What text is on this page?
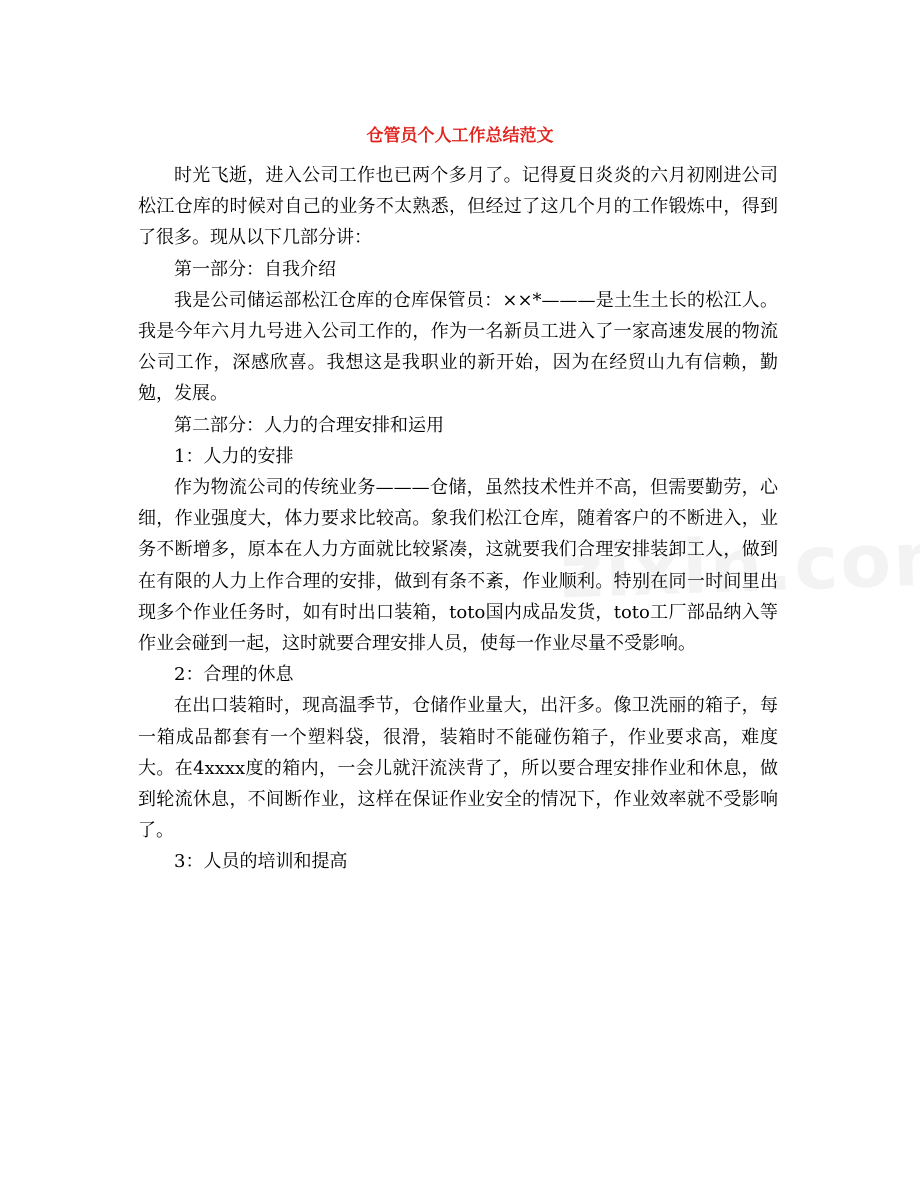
仓管员个人工作总结范文

时光飞逝，进入公司工作也已两个多月了。记得夏日炎炎的六月初刚进公司松江仓库的时候对自己的业务不太熟悉，但经过了这几个月的工作锻炼中，得到了很多。现从以下几部分讲：

第一部分：自我介绍

我是公司储运部松江仓库的仓库保管员：××*———是土生土长的松江人。我是今年六月九号进入公司工作的，作为一名新员工进入了一家高速发展的物流公司工作，深感欣喜。我想这是我职业的新开始，因为在经贸山九有信赖，勤勉，发展。

第二部分：人力的合理安排和运用

1：人力的安排

作为物流公司的传统业务———仓储，虽然技术性并不高，但需要勤劳，心细，作业强度大，体力要求比较高。象我们松江仓库，随着客户的不断进入，业务不断增多，原本在人力方面就比较紧凑，这就要我们合理安排装卸工人，做到在有限的人力上作合理的安排，做到有条不紊，作业顺利。特别在同一时间里出现多个作业任务时，如有时出口装箱，toto国内成品发货，toto工厂部品纳入等作业会碰到一起，这时就要合理安排人员，使每一作业尽量不受影响。

2：合理的休息

在出口装箱时，现高温季节，仓储作业量大，出汗多。像卫洗丽的箱子，每一箱成品都套有一个塑料袋，很滑，装箱时不能碰伤箱子，作业要求高，难度大。在4xxxx度的箱内，一会儿就汗流浃背了，所以要合理安排作业和休息，做到轮流休息，不间断作业，这样在保证作业安全的情况下，作业效率就不受影响了。

3：人员的培训和提高
